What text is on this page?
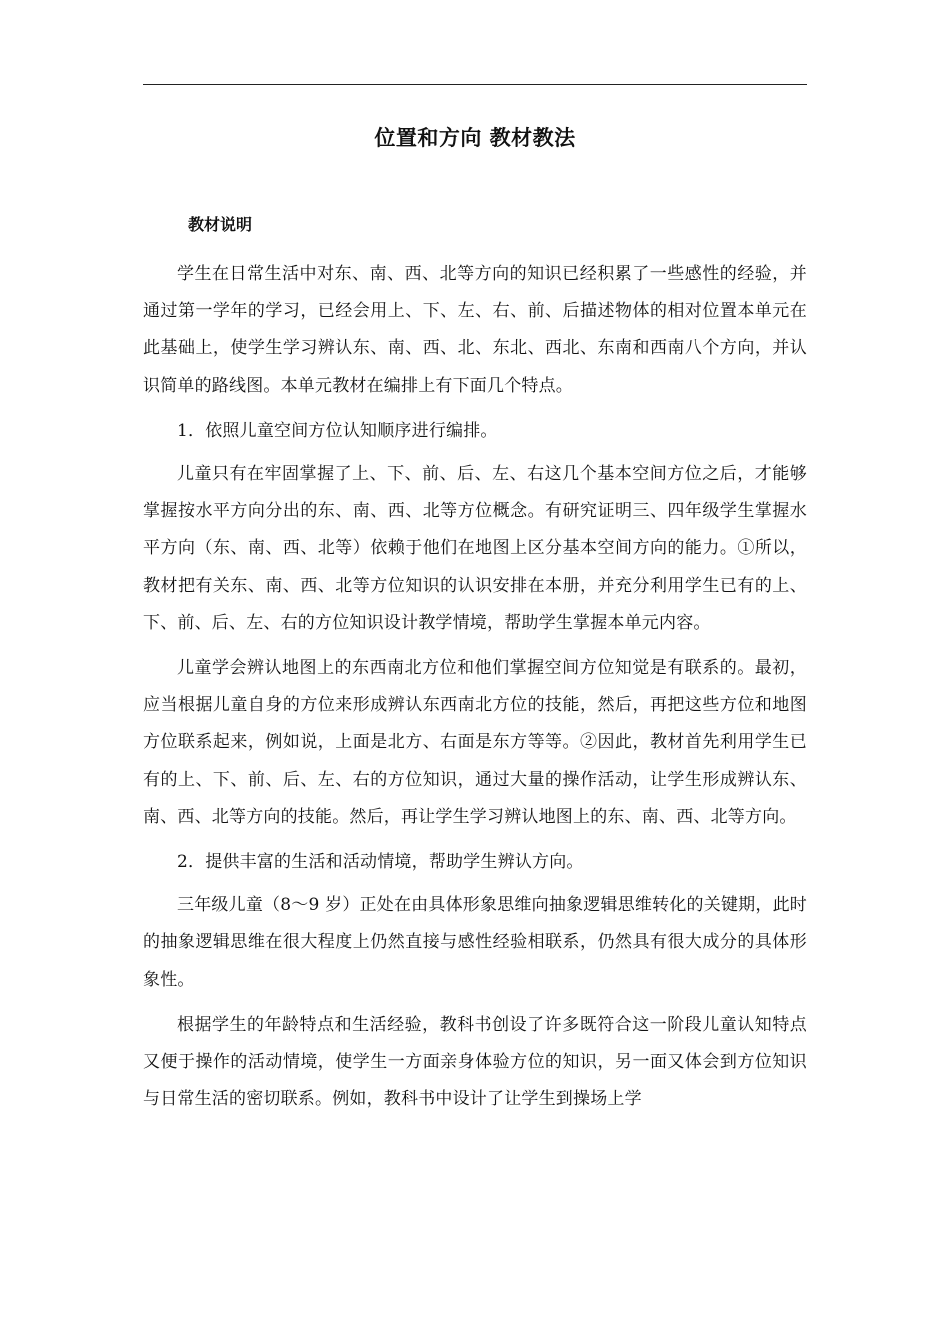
位置和方向 教材教法
教材说明

学生在日常生活中对东、南、西、北等方向的知识已经积累了一些感性的经验，并通过第一学年的学习，已经会用上、下、左、右、前、后描述物体的相对位置本单元在此基础上，使学生学习辨认东、南、西、北、东北、西北、东南和西南八个方向，并认识简单的路线图。本单元教材在编排上有下面几个特点。

1．依照儿童空间方位认知顺序进行编排。

儿童只有在牢固掌握了上、下、前、后、左、右这几个基本空间方位之后，才能够掌握按水平方向分出的东、南、西、北等方位概念。有研究证明三、四年级学生掌握水平方向（东、南、西、北等）依赖于他们在地图上区分基本空间方向的能力。①所以，教材把有关东、南、西、北等方位知识的认识安排在本册，并充分利用学生已有的上、下、前、后、左、右的方位知识设计教学情境，帮助学生掌握本单元内容。

儿童学会辨认地图上的东西南北方位和他们掌握空间方位知觉是有联系的。最初，应当根据儿童自身的方位来形成辨认东西南北方位的技能，然后，再把这些方位和地图方位联系起来，例如说，上面是北方、右面是东方等等。②因此，教材首先利用学生已有的上、下、前、后、左、右的方位知识，通过大量的操作活动，让学生形成辨认东、南、西、北等方向的技能。然后，再让学生学习辨认地图上的东、南、西、北等方向。

2．提供丰富的生活和活动情境，帮助学生辨认方向。

三年级儿童（8～9 岁）正处在由具体形象思维向抽象逻辑思维转化的关键期，此时的抽象逻辑思维在很大程度上仍然直接与感性经验相联系，仍然具有很大成分的具体形象性。

根据学生的年龄特点和生活经验，教科书创设了许多既符合这一阶段儿童认知特点又便于操作的活动情境，使学生一方面亲身体验方位的知识，另一面又体会到方位知识与日常生活的密切联系。例如，教科书中设计了让学生到操场上学
